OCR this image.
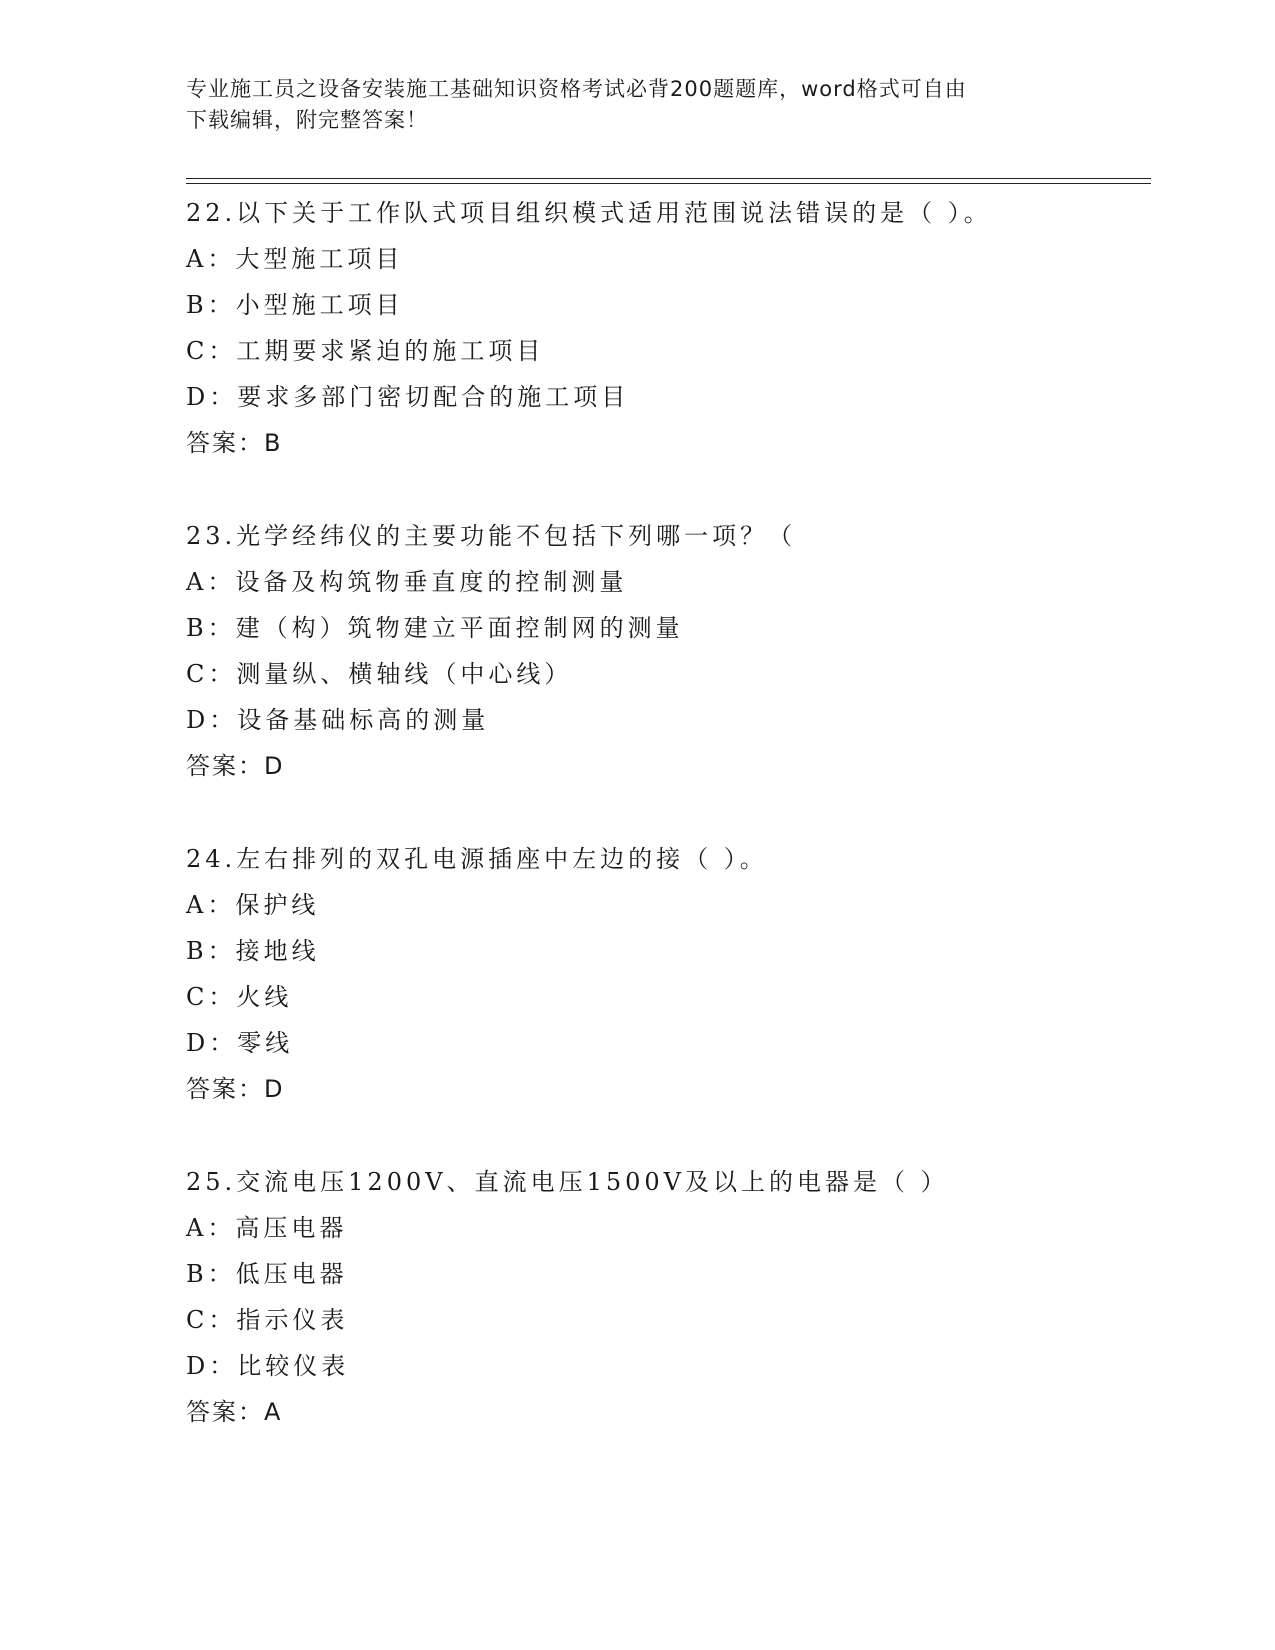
专业施工员之设备安装施工基础知识资格考试必背200题题库，word格式可自由
下载编辑，附完整答案！
22.以下关于工作队式项目组织模式适用范围说法错误的是（ ）。
A：大型施工项目
B：小型施工项目
C：工期要求紧迫的施工项目
D：要求多部门密切配合的施工项目
答案：B
23.光学经纬仪的主要功能不包括下列哪一项？（
A：设备及构筑物垂直度的控制测量
B：建（构）筑物建立平面控制网的测量
C：测量纵、横轴线（中心线）
D：设备基础标高的测量
答案：D
24.左右排列的双孔电源插座中左边的接（ ）。
A：保护线
B：接地线
C：火线
D：零线
答案：D
25.交流电压1200V、直流电压1500V及以上的电器是（ ）
A：高压电器
B：低压电器
C：指示仪表
D：比较仪表
答案：A
